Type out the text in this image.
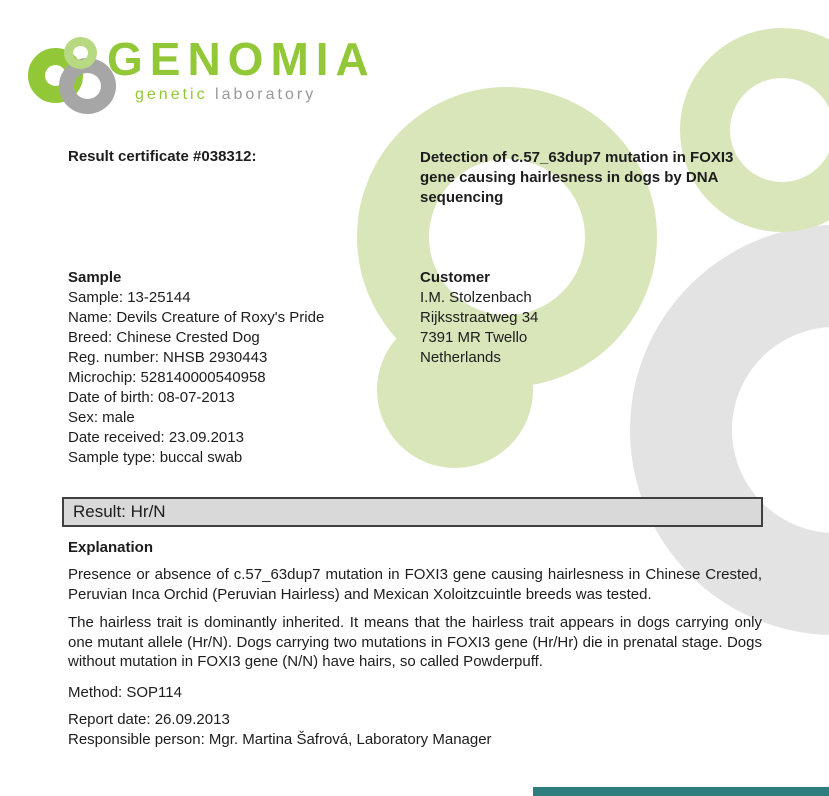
GENOMIA
genetic laboratory
Result certificate #038312:	Detection of c.57_63dup7 mutation in FOXI3 gene causing hairlesness in dogs by DNA sequencing
Sample
Sample: 13-25144
Name: Devils Creature of Roxy's Pride
Breed: Chinese Crested Dog
Reg. number: NHSB 2930443
Microchip: 528140000540958
Date of birth: 08-07-2013
Sex: male
Date received: 23.09.2013
Sample type: buccal swab
Customer
I.M. Stolzenbach
Rijksstraatweg 34
7391 MR Twello
Netherlands
Result: Hr/N
Explanation
Presence or absence of c.57_63dup7 mutation in FOXI3 gene causing hairlesness in Chinese Crested, Peruvian Inca Orchid (Peruvian Hairless) and Mexican Xoloitzcuintle breeds was tested.
The hairless trait is dominantly inherited. It means that the hairless trait appears in dogs carrying only one mutant allele (Hr/N). Dogs carrying two mutations in FOXI3 gene (Hr/Hr) die in prenatal stage. Dogs without mutation in FOXI3 gene (N/N) have hairs, so called Powderpuff.
Method: SOP114
Report date: 26.09.2013
Responsible person: Mgr. Martina Šafrová, Laboratory Manager
